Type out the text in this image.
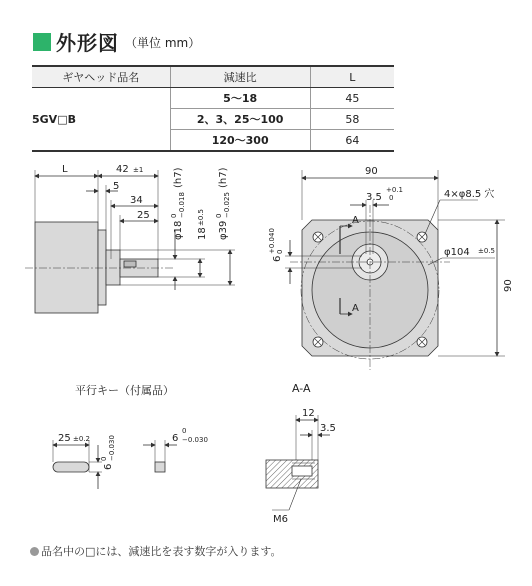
外形図 （単位 mm）
ギヤヘッド品名	減速比	L
5GV□B	5～18	45
	2、3、25～100	58
	120～300	64
L	42 ±1
5
34
25
φ18
0 −0.018
(h7)
18
±0.5
φ39
0 −0.025
(h7)	90
3.5
+0.1
0	4×φ8.5 穴
φ104 ±0.5
A
A
6
+0.040 0
90
平行キー（付属品）
25 ±0.2
6
0 −0.030	6
0
−0.030
A-A
12
3.5
M6
品名中の□には、減速比を表す数字が入ります。
